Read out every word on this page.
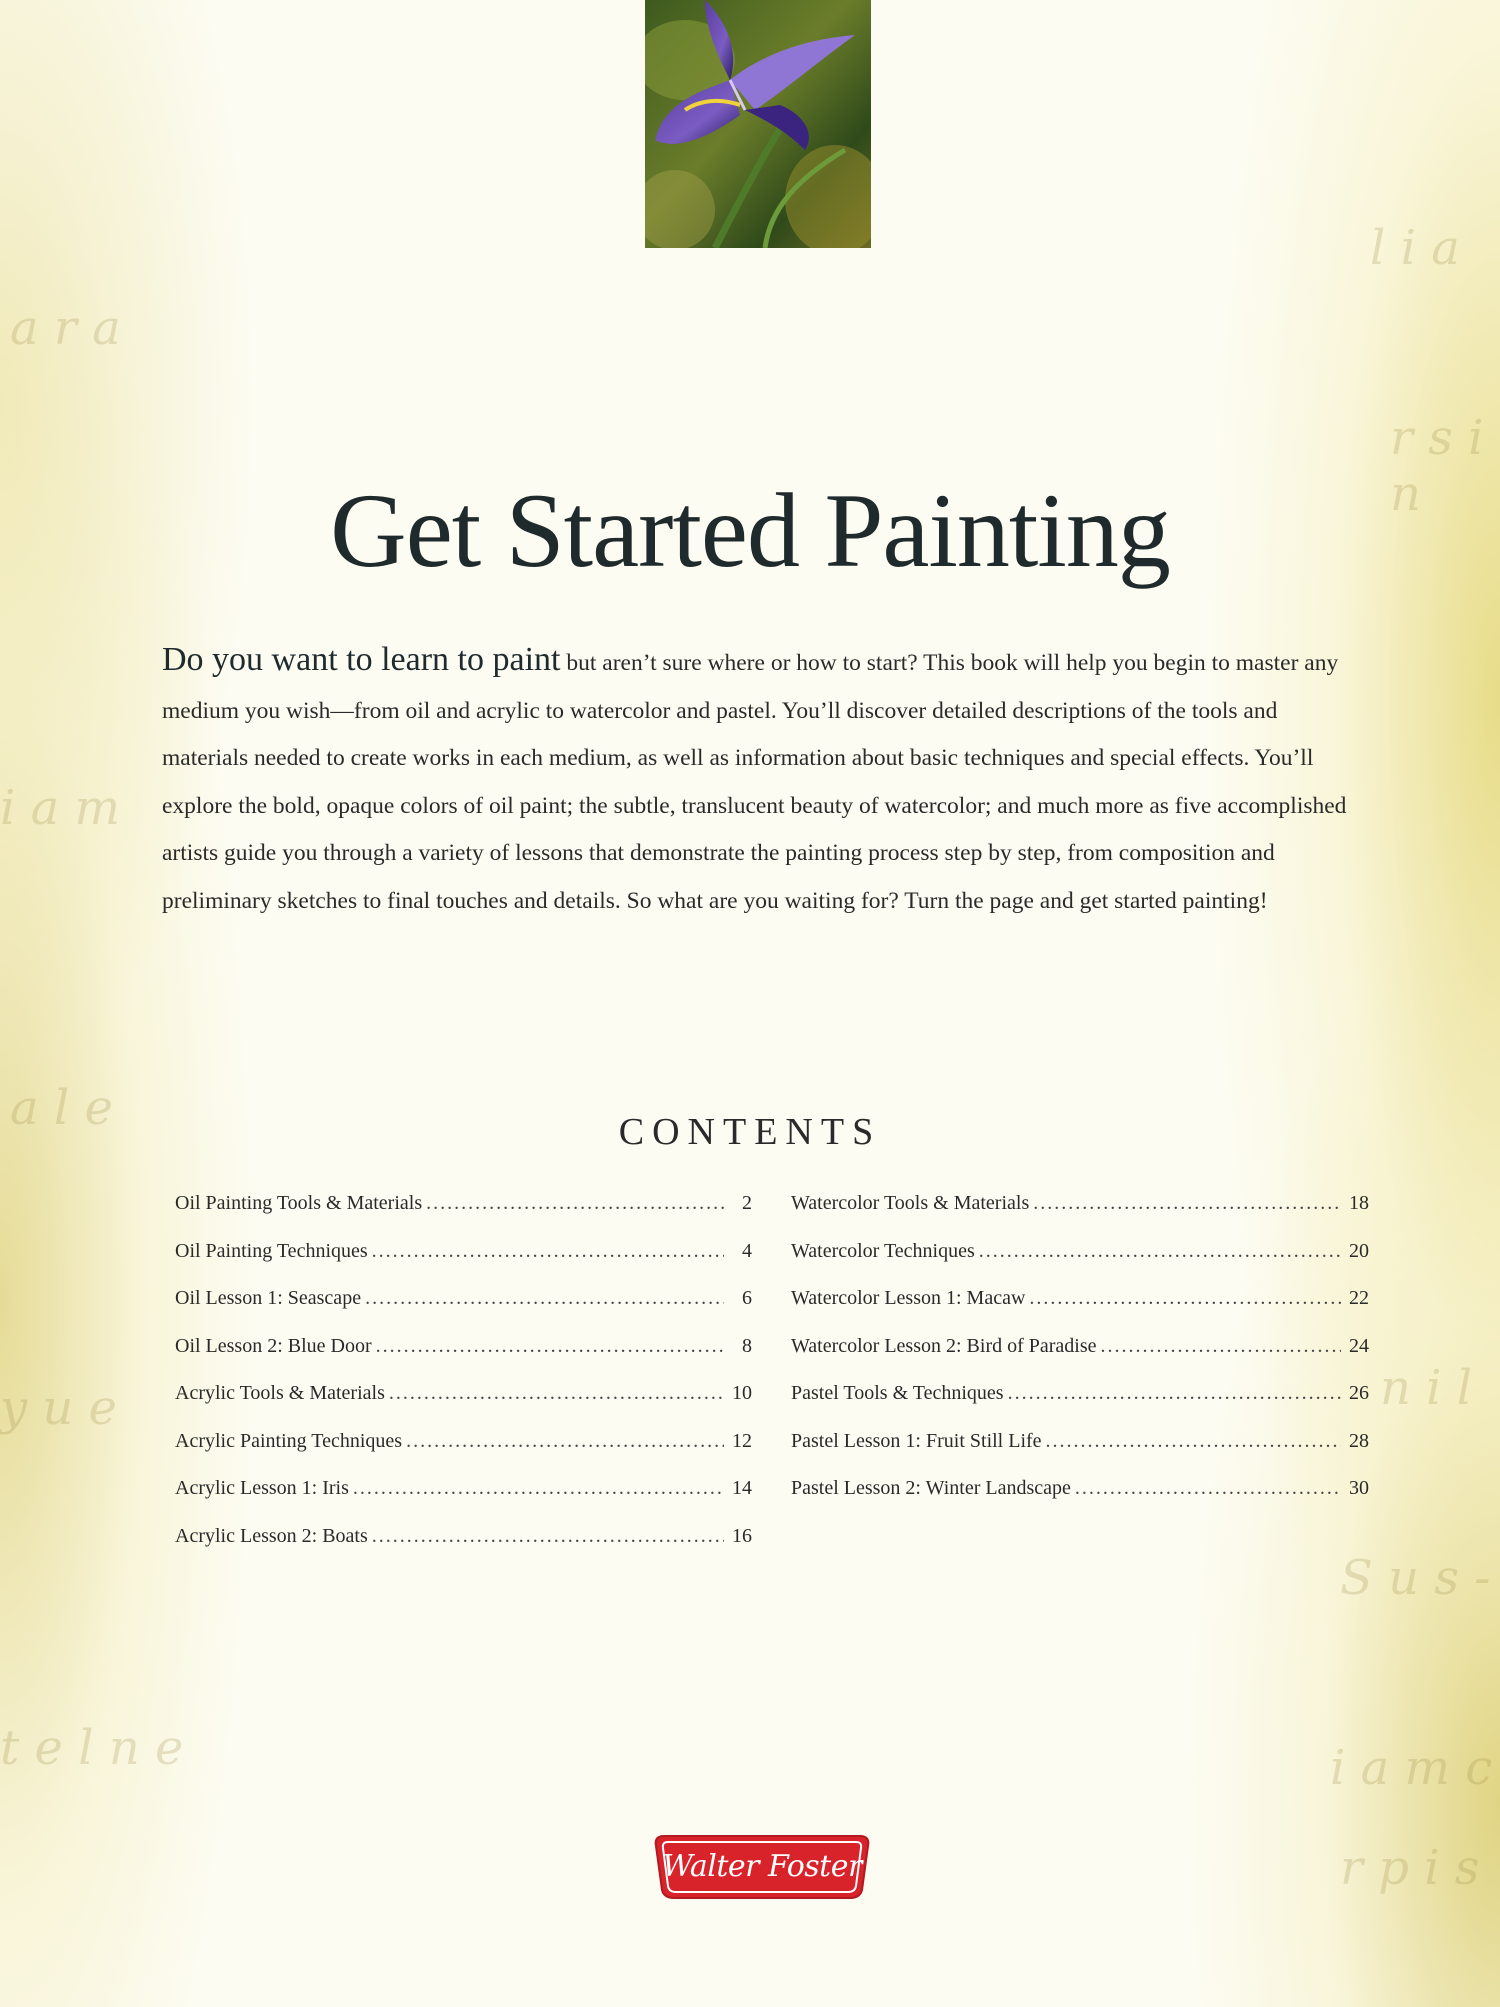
a r a
i a m
a l e
y u e
t e l n e
l i a
r s i n
n i l
S u s -
i a m c
r p i s
Get Started Painting

Do you want to learn to paint but aren’t sure where or how to start? This book will help you begin to master any medium you wish—from oil and acrylic to watercolor and pastel. You’ll discover detailed descriptions of the tools and materials needed to create works in each medium, as well as information about basic techniques and special effects. You’ll explore the bold, opaque colors of oil paint; the subtle, translucent beauty of watercolor; and much more as five accomplished artists guide you through a variety of lessons that demonstrate the painting process step by step, from composition and preliminary sketches to final touches and details. So what are you waiting for? Turn the page and get started painting!

CONTENTS
Oil Painting Tools & Materials .....	2
Oil Painting Techniques .....	4
Oil Lesson 1: Seascape .....	6
Oil Lesson 2: Blue Door .....	8
Acrylic Tools & Materials .....	10
Acrylic Painting Techniques .....	12
Acrylic Lesson 1: Iris .....	14
Acrylic Lesson 2: Boats .....	16
Watercolor Tools & Materials .....	18
Watercolor Techniques .....	20
Watercolor Lesson 1: Macaw .....	22
Watercolor Lesson 2: Bird of Paradise .....	24
Pastel Tools & Techniques .....	26
Pastel Lesson 1: Fruit Still Life .....	28
Pastel Lesson 2: Winter Landscape .....	30
Walter Foster
